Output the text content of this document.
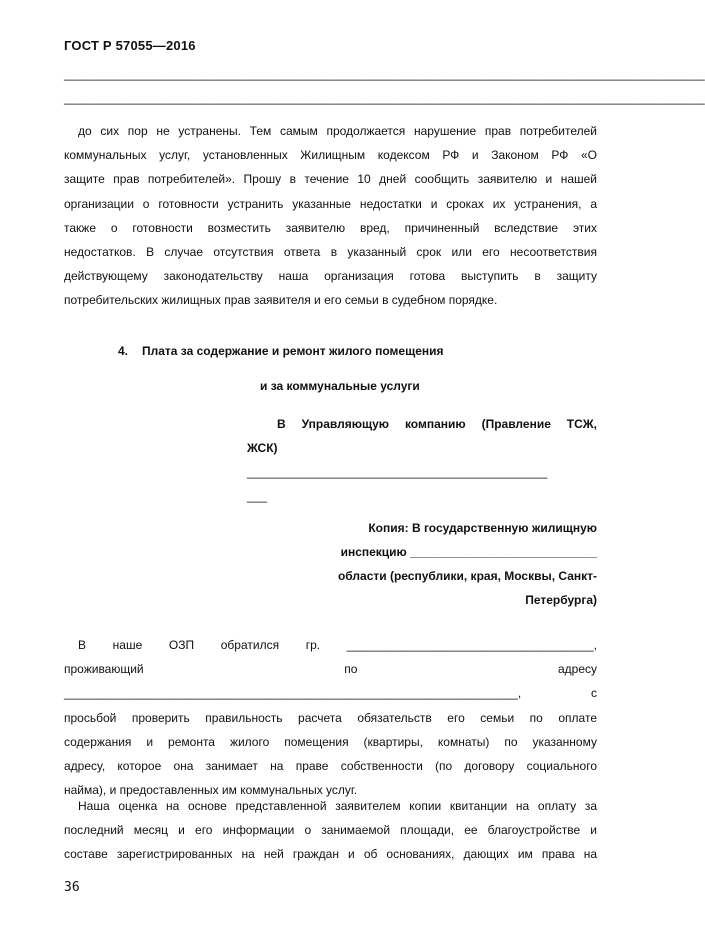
ГОСТ Р 57055—2016
________________________________________________________________________________________________
________________________________________________________________________________________________
до сих пор не устранены. Тем самым продолжается нарушение прав потребителей
коммунальных услуг, установленных Жилищным кодексом РФ и Законом РФ «О
защите прав потребителей». Прошу в течение 10 дней сообщить заявителю и нашей
организации о готовности устранить указанные недостатки и сроках их устранения, а
также о готовности возместить заявителю вред, причиненный вследствие этих
недостатков. В случае отсутствия ответа в указанный срок или его несоответствия
действующему законодательству наша организация готова выступить в защиту
потребительских жилищных прав заявителя и его семьи в судебном порядке.
4. Плата за содержание и ремонт жилого помещения
и за коммунальные услуги
В Управляющую компанию (Правление ТСЖ,
ЖСК)
_____________________________________________
___
Копия: В государственную жилищную
инспекцию ____________________________
области (республики, края, Москвы, Санкт-
Петербурга)
В наше ОЗП обратился гр. _____________________________________,
проживающий по адресу
____________________________________________________________________, с
просьбой проверить правильность расчета обязательств его семьи по оплате
содержания и ремонта жилого помещения (квартиры, комнаты) по указанному
адресу, которое она занимает на праве собственности (по договору социального
найма), и предоставленных им коммунальных услуг.
Наша оценка на основе представленной заявителем копии квитанции на оплату за
последний месяц и его информации о занимаемой площади, ее благоустройстве и
составе зарегистрированных на ней граждан и об основаниях, дающих им права на
36
